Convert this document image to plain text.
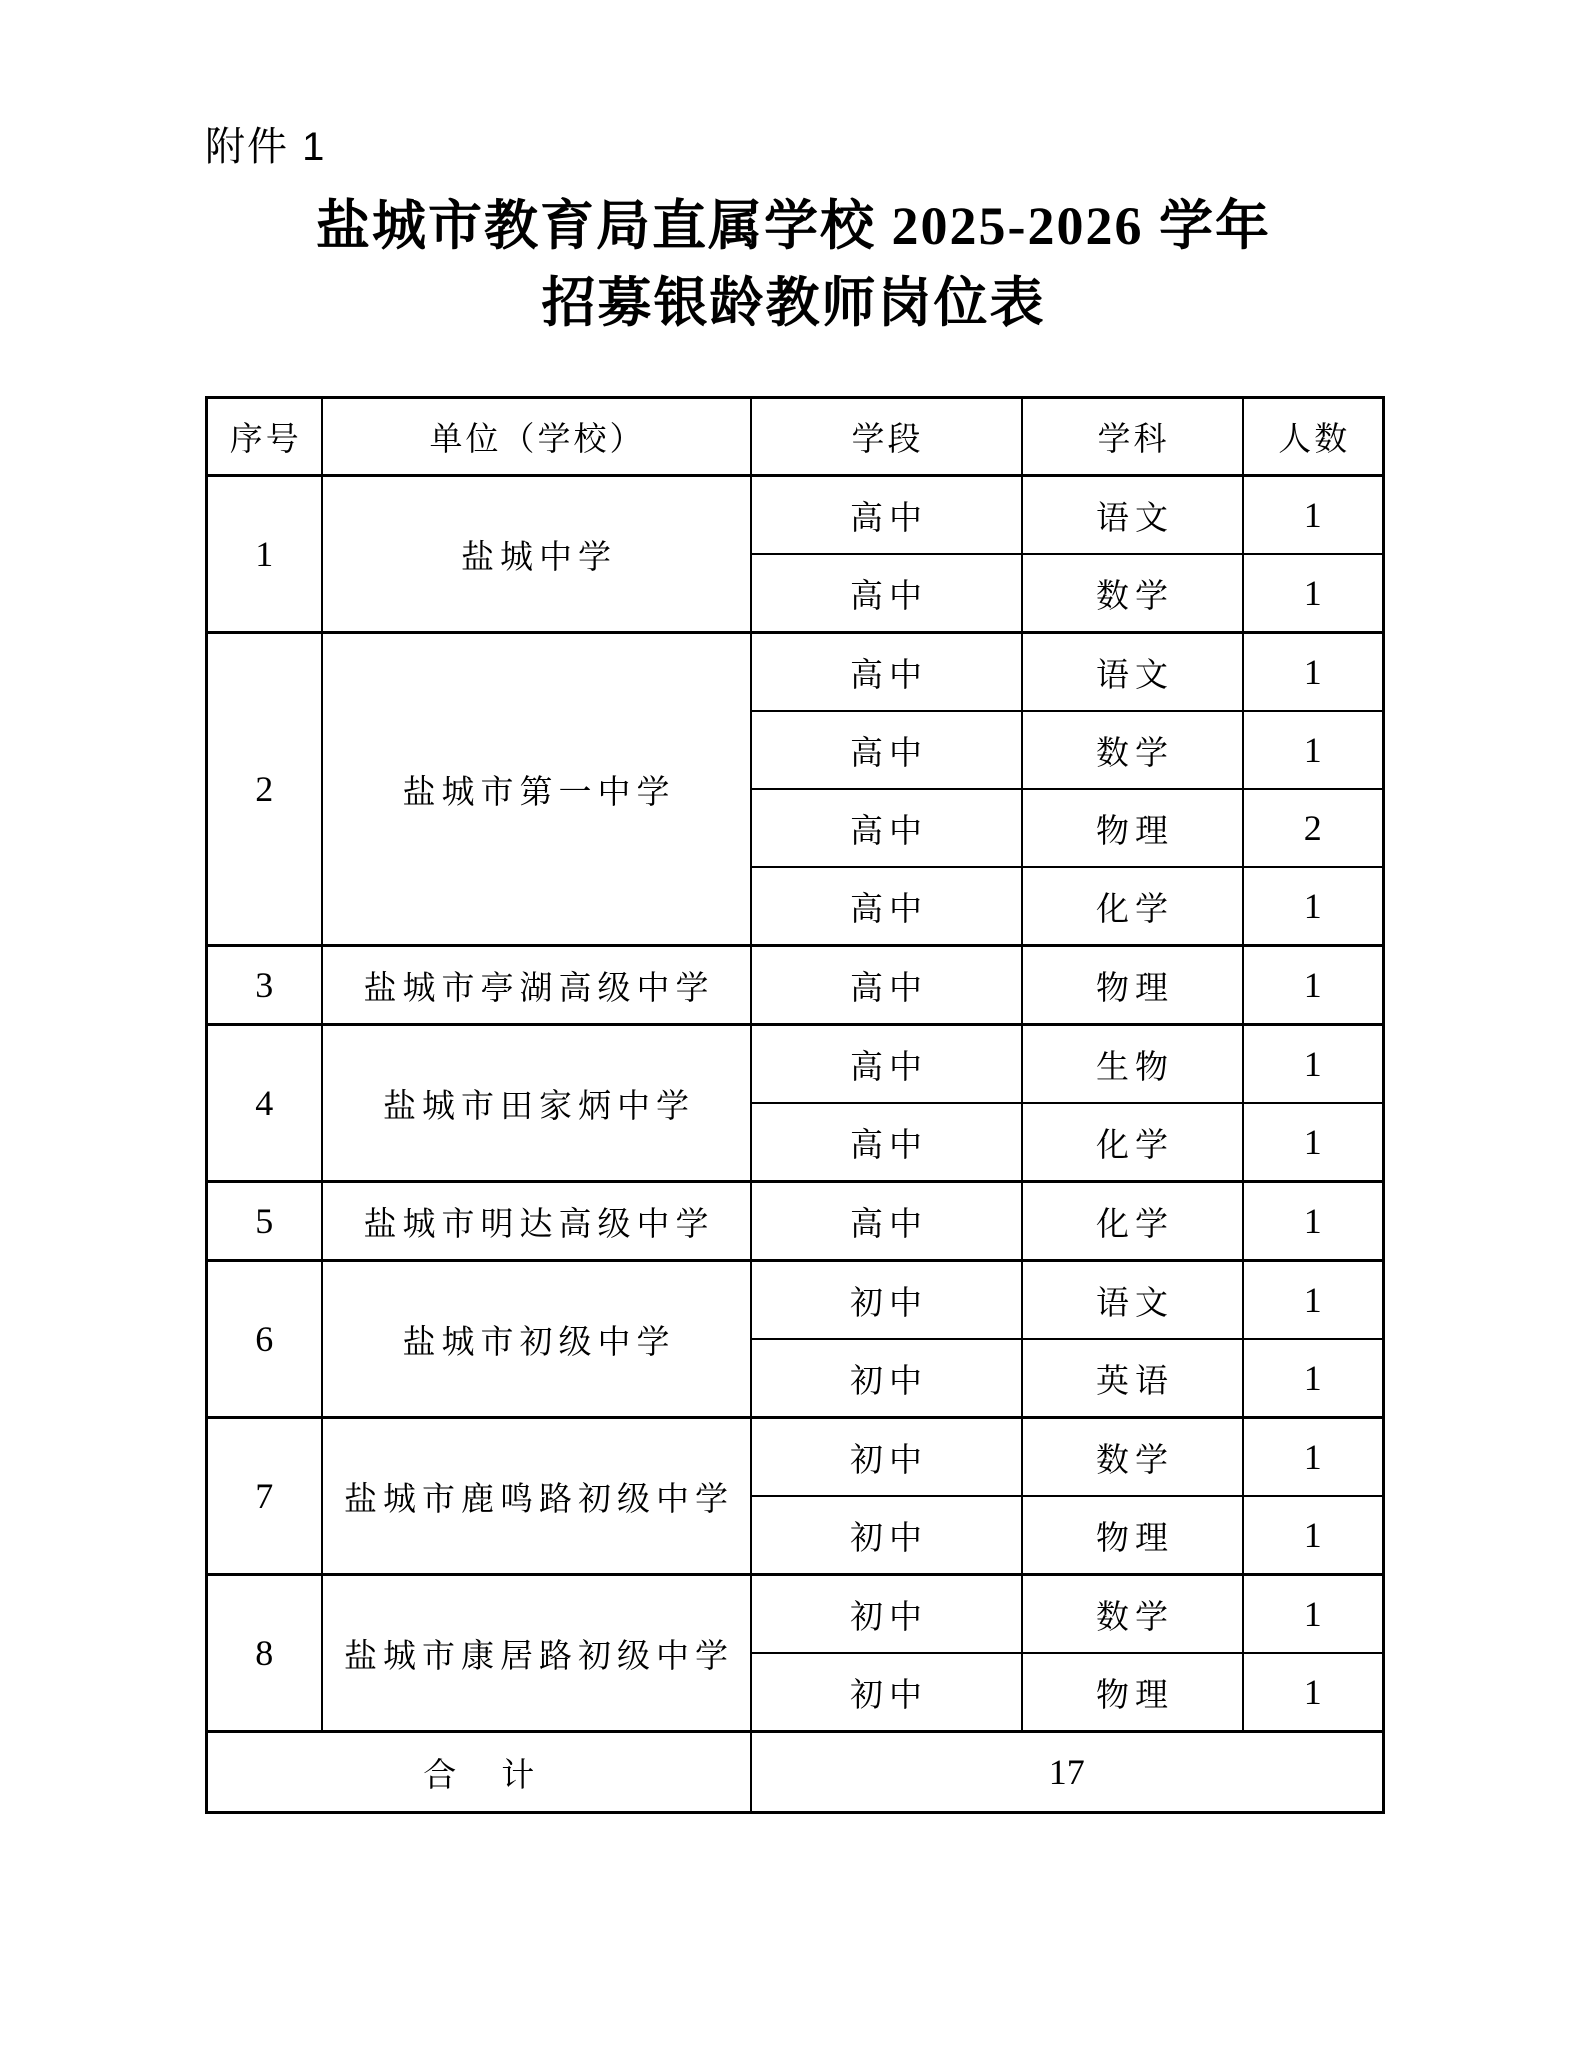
附件 1
盐城市教育局直属学校 2025-2026 学年
招募银龄教师岗位表
序号	单位（学校）	学段	学科	人数
1	盐城中学	高中	语文	1
		高中	数学	1
2	盐城市第一中学	高中	语文	1
		高中	数学	1
		高中	物理	2
		高中	化学	1
3	盐城市亭湖高级中学	高中	物理	1
4	盐城市田家炳中学	高中	生物	1
		高中	化学	1
5	盐城市明达高级中学	高中	化学	1
6	盐城市初级中学	初中	语文	1
		初中	英语	1
7	盐城市鹿鸣路初级中学	初中	数学	1
		初中	物理	1
8	盐城市康居路初级中学	初中	数学	1
		初中	物理	1
合　计		17		
